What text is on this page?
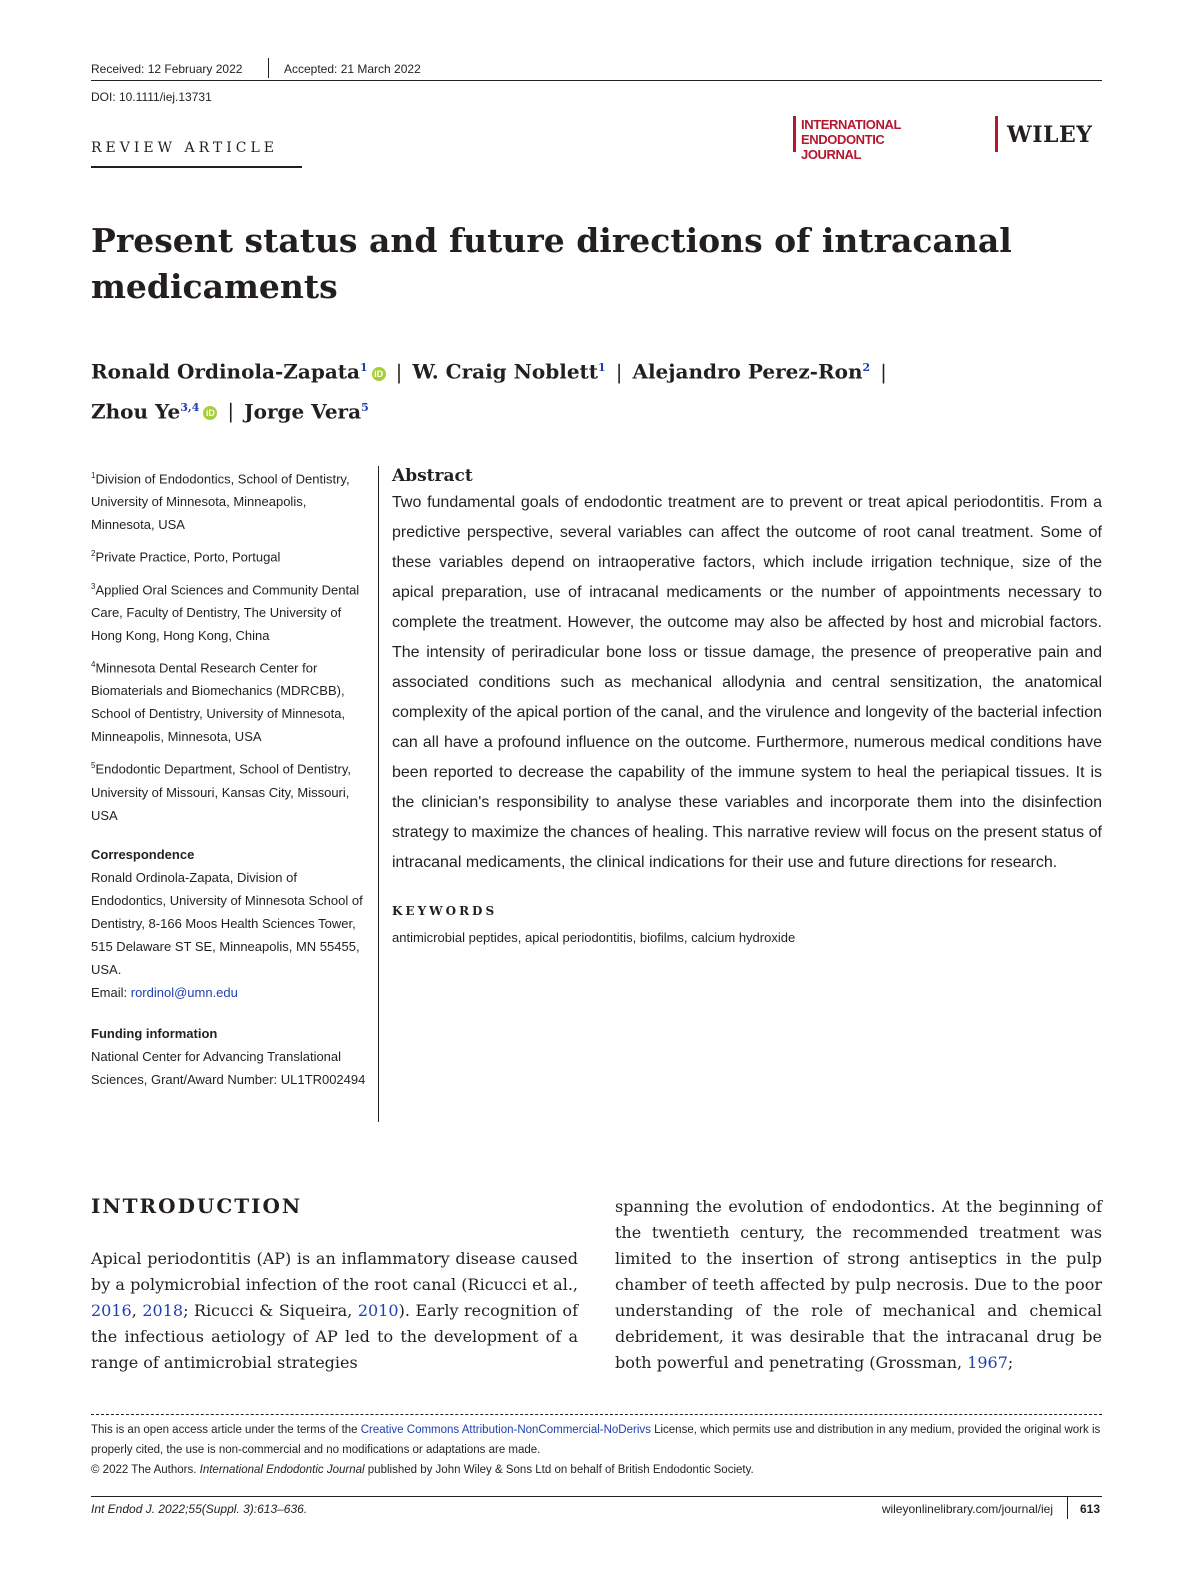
Received: 12 February 2022	Accepted: 21 March 2022
DOI: 10.1111/iej.13731
REVIEW ARTICLE
INTERNATIONAL
ENDODONTIC JOURNAL
WILEY
Present status and future directions of intracanal medicaments
Ronald Ordinola-Zapata$^1$ iD | W. Craig Noblett$^1$ | Alejandro Perez-Ron$^2$ |
Zhou Ye$^{3,4}$ iD | Jorge Vera$^5$
$^1$Division of Endodontics, School of Dentistry, University of Minnesota, Minneapolis, Minnesota, USA
$^2$Private Practice, Porto, Portugal
$^3$Applied Oral Sciences and Community Dental Care, Faculty of Dentistry, The University of Hong Kong, Hong Kong, China
$^4$Minnesota Dental Research Center for Biomaterials and Biomechanics (MDRCBB), School of Dentistry, University of Minnesota, Minneapolis, Minnesota, USA
$^5$Endodontic Department, School of Dentistry, University of Missouri, Kansas City, Missouri, USA
Correspondence
Ronald Ordinola-Zapata, Division of Endodontics, University of Minnesota School of Dentistry, 8-166 Moos Health Sciences Tower, 515 Delaware ST SE, Minneapolis, MN 55455, USA.
Email: rordinol@umn.edu
Funding information
National Center for Advancing Translational Sciences, Grant/Award Number: UL1TR002494
Abstract
Two fundamental goals of endodontic treatment are to prevent or treat apical periodontitis. From a predictive perspective, several variables can affect the outcome of root canal treatment. Some of these variables depend on intraoperative factors, which include irrigation technique, size of the apical preparation, use of intracanal medicaments or the number of appointments necessary to complete the treatment. However, the outcome may also be affected by host and microbial factors. The intensity of periradicular bone loss or tissue damage, the presence of preoperative pain and associated conditions such as mechanical allodynia and central sensitization, the anatomical complexity of the apical portion of the canal, and the virulence and longevity of the bacterial infection can all have a profound influence on the outcome. Furthermore, numerous medical conditions have been reported to decrease the capability of the immune system to heal the periapical tissues. It is the clinician's responsibility to analyse these variables and incorporate them into the disinfection strategy to maximize the chances of healing. This narrative review will focus on the present status of intracanal medicaments, the clinical indications for their use and future directions for research.
KEYWORDS
antimicrobial peptides, apical periodontitis, biofilms, calcium hydroxide
INTRODUCTION
Apical periodontitis (AP) is an inflammatory disease caused by a polymicrobial infection of the root canal (Ricucci et al., 2016, 2018; Ricucci & Siqueira, 2010). Early recognition of the infectious aetiology of AP led to the development of a range of antimicrobial strategies
spanning the evolution of endodontics. At the beginning of the twentieth century, the recommended treatment was limited to the insertion of strong antiseptics in the pulp chamber of teeth affected by pulp necrosis. Due to the poor understanding of the role of mechanical and chemical debridement, it was desirable that the intracanal drug be both powerful and penetrating (Grossman, 1967;
This is an open access article under the terms of the Creative Commons Attribution-NonCommercial-NoDerivs License, which permits use and distribution in any medium, provided the original work is properly cited, the use is non-commercial and no modifications or adaptations are made.
© 2022 The Authors. International Endodontic Journal published by John Wiley & Sons Ltd on behalf of British Endodontic Society.
Int Endod J. 2022;55(Suppl. 3):613–636.	wileyonlinelibrary.com/journal/iej 613
